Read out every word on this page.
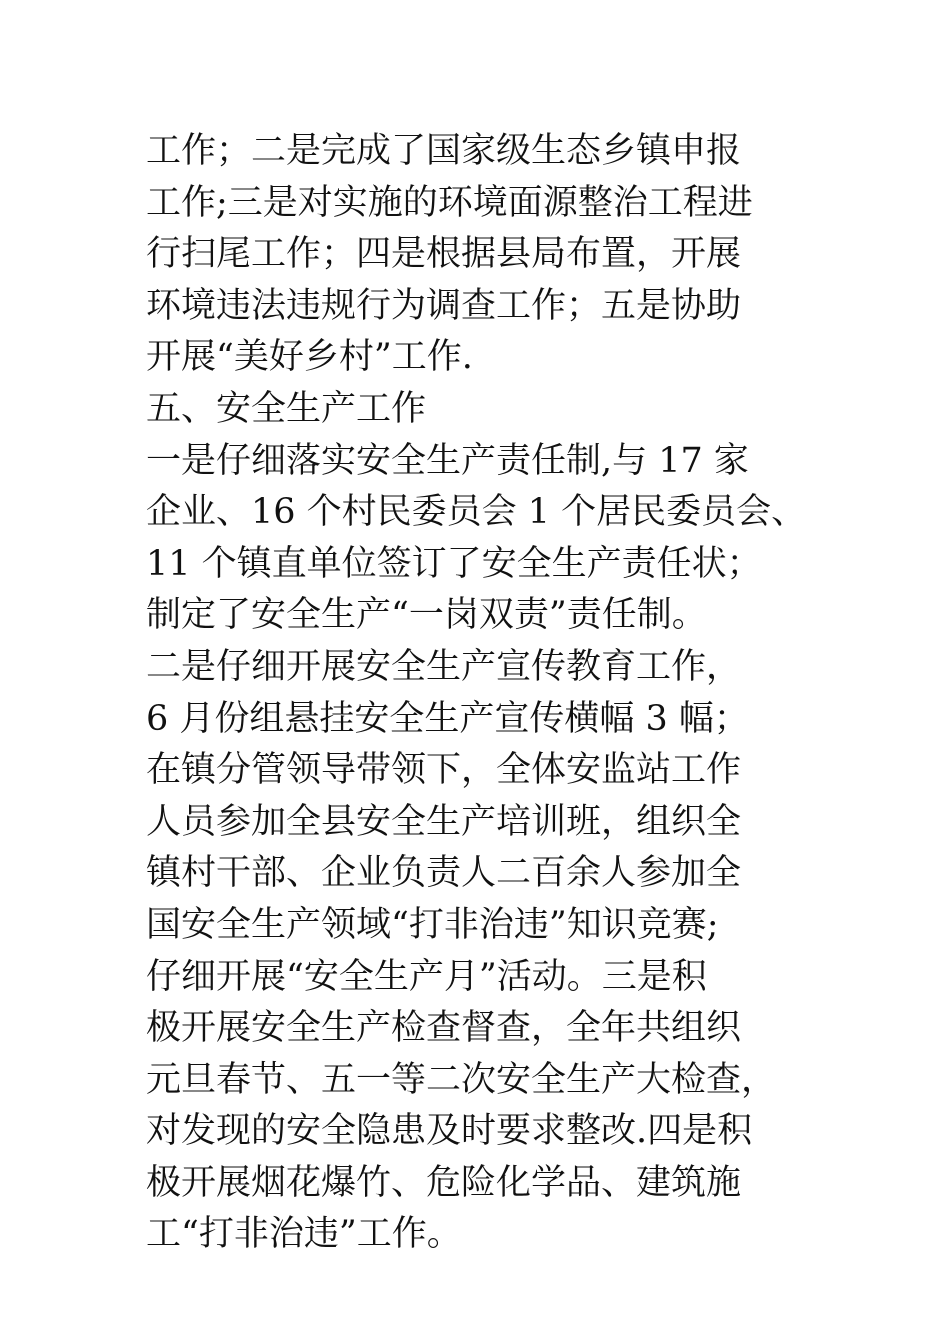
工作；二是完成了国家级生态乡镇申报
工作;三是对实施的环境面源整治工程进
行扫尾工作；四是根据县局布置，开展
环境违法违规行为调查工作；五是协助
开展“美好乡村”工作.
五、安全生产工作
一是仔细落实安全生产责任制,与 17 家
企业、16 个村民委员会 1 个居民委员会、
11 个镇直单位签订了安全生产责任状；
制定了安全生产“一岗双责”责任制。
二是仔细开展安全生产宣传教育工作，
6 月份组悬挂安全生产宣传横幅 3 幅；
在镇分管领导带领下，全体安监站工作
人员参加全县安全生产培训班，组织全
镇村干部、企业负责人二百余人参加全
国安全生产领域“打非治违”知识竞赛;
仔细开展“安全生产月”活动。三是积
极开展安全生产检查督查，全年共组织
元旦春节、五一等二次安全生产大检查，
对发现的安全隐患及时要求整改.四是积
极开展烟花爆竹、危险化学品、建筑施
工“打非治违”工作。
